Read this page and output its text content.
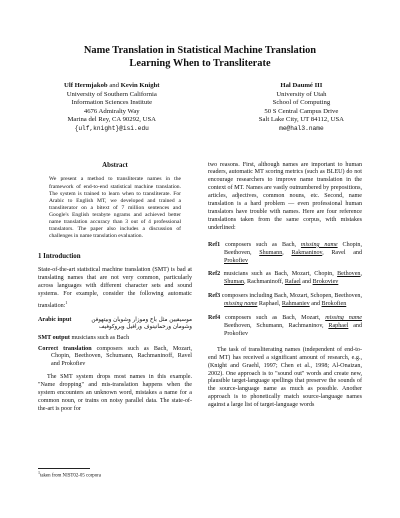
Name Translation in Statistical Machine Translation
Learning When to Transliterate
Ulf Hermjakob and Kevin Knight
University of Southern California
Information Sciences Institute
4676 Admiralty Way
Marina del Rey, CA 90292, USA
{ulf,knight}@isi.edu
Hal Daumé III
University of Utah
School of Computing
50 S Central Campus Drive
Salt Lake City, UT 84112, USA
me@hal3.name
Abstract

We present a method to transliterate names in the framework of end-to-end statistical machine translation. The system is trained to learn when to transliterate. For Arabic to English MT, we developed and trained a transliterator on a bitext of 7 million sentences and Google's English terabyte ngrams and achieved better name translation accuracy than 3 out of 4 professional translators. The paper also includes a discussion of challenges in name translation evaluation.

1 Introduction

State-of-the-art statistical machine translation (SMT) is bad at translating names that are not very common, particularly across languages with different character sets and sound systems. For example, consider the following automatic translation:$^1$

Arabic input	موسيقيين مثل باخ وموزار وشوبان وبيتهوفن وشومان ورحمانينوف ورافيل وبروكوفيف

SMT output musicians such as Bach

Correct translation composers such as Bach, Mozart, Chopin, Beethoven, Schumann, Rachmaninoff, Ravel and Prokofiev

The SMT system drops most names in this example. "Name dropping" and mis-translation happens when the system encounters an unknown word, mistakes a name for a common noun, or trains on noisy parallel data. The state-of-the-art is poor for

two reasons. First, although names are important to human readers, automatic MT scoring metrics (such as BLEU) do not encourage researchers to improve name translation in the context of MT. Names are vastly outnumbered by prepositions, articles, adjectives, common nouns, etc. Second, name translation is a hard problem — even professional human translators have trouble with names. Here are four reference translations taken from the same corpus, with mistakes underlined:

Ref1 composers such as Bach, missing name Chopin, Beethoven, Shumann, Rakmaninov, Ravel and Prokofiev

Ref2 musicians such as Bach, Mozart, Chopin, Bethoven, Shuman, Rachmaninoff, Rafael and Brokoviev

Ref3 composers including Bach, Mozart, Schopen, Beethoven, missing name Raphael, Rahmaniev and Brokofien

Ref4 composers such as Bach, Mozart, missing name Beethoven, Schumann, Rachmaninov, Raphael and Prokofiev

The task of transliterating names (independent of end-to-end MT) has received a significant amount of research, e.g., (Knight and Graehl, 1997; Chen et al., 1998; Al-Onaizan, 2002). One approach is to "sound out" words and create new, plausible target-language spellings that preserve the sounds of the source-language name as much as possible. Another approach is to phonetically match source-language names against a large list of target-language words

$^1$taken from NIST02-05 corpora
